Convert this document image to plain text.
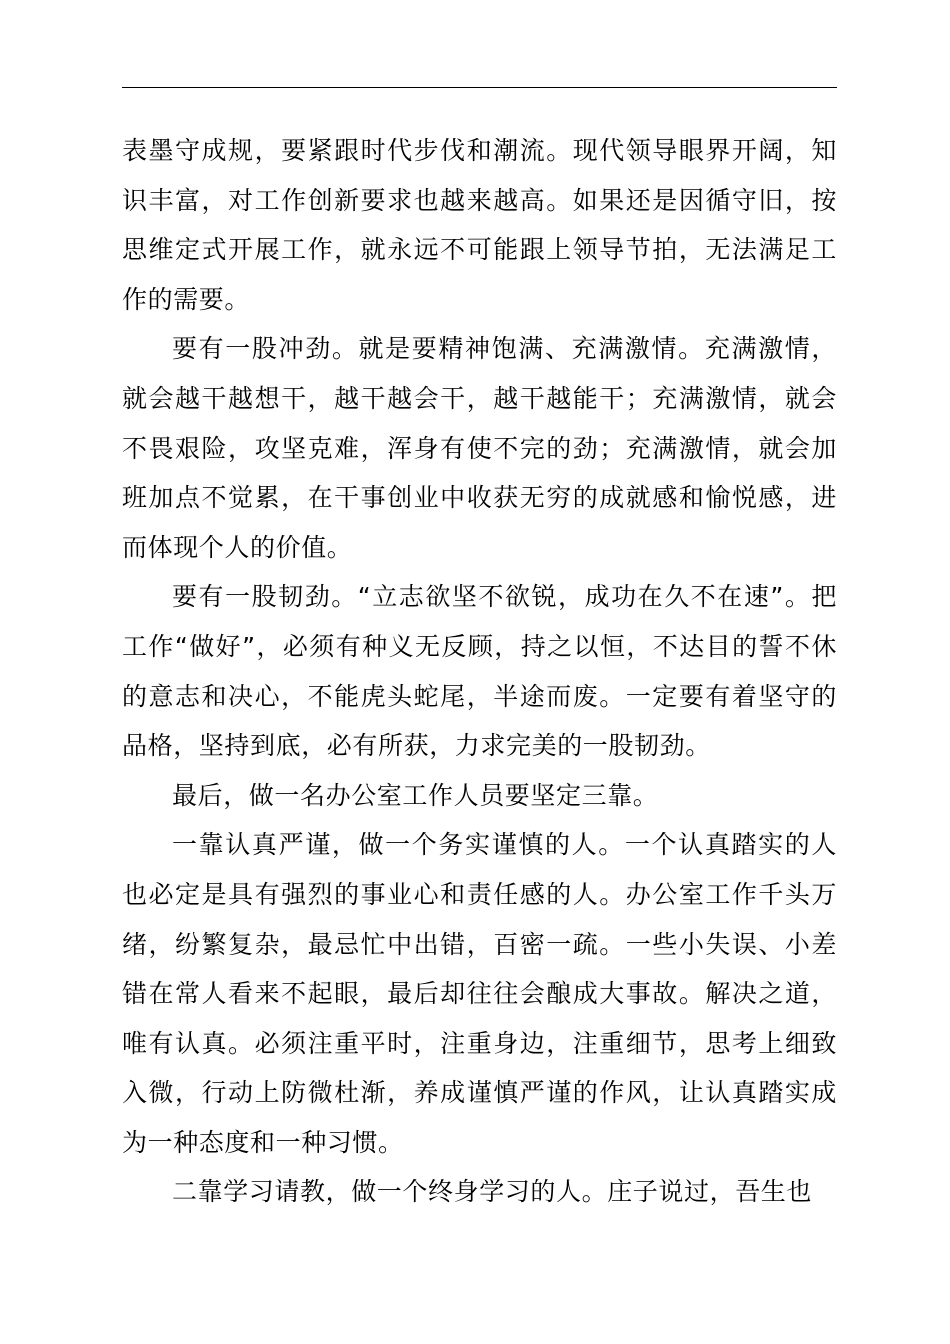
表墨守成规，要紧跟时代步伐和潮流。现代领导眼界开阔，知识丰富，对工作创新要求也越来越高。如果还是因循守旧，按思维定式开展工作，就永远不可能跟上领导节拍，无法满足工作的需要。

要有一股冲劲。就是要精神饱满、充满激情。充满激情，就会越干越想干，越干越会干，越干越能干；充满激情，就会不畏艰险，攻坚克难，浑身有使不完的劲；充满激情，就会加班加点不觉累，在干事创业中收获无穷的成就感和愉悦感，进而体现个人的价值。

要有一股韧劲。“立志欲坚不欲锐，成功在久不在速”。把工作“做好”，必须有种义无反顾，持之以恒，不达目的誓不休的意志和决心，不能虎头蛇尾，半途而废。一定要有着坚守的品格，坚持到底，必有所获，力求完美的一股韧劲。

最后，做一名办公室工作人员要坚定三靠。

一靠认真严谨，做一个务实谨慎的人。一个认真踏实的人也必定是具有强烈的事业心和责任感的人。办公室工作千头万绪，纷繁复杂，最忌忙中出错，百密一疏。一些小失误、小差错在常人看来不起眼，最后却往往会酿成大事故。解决之道，唯有认真。必须注重平时，注重身边，注重细节，思考上细致入微，行动上防微杜渐，养成谨慎严谨的作风，让认真踏实成为一种态度和一种习惯。

二靠学习请教，做一个终身学习的人。庄子说过，吾生也
